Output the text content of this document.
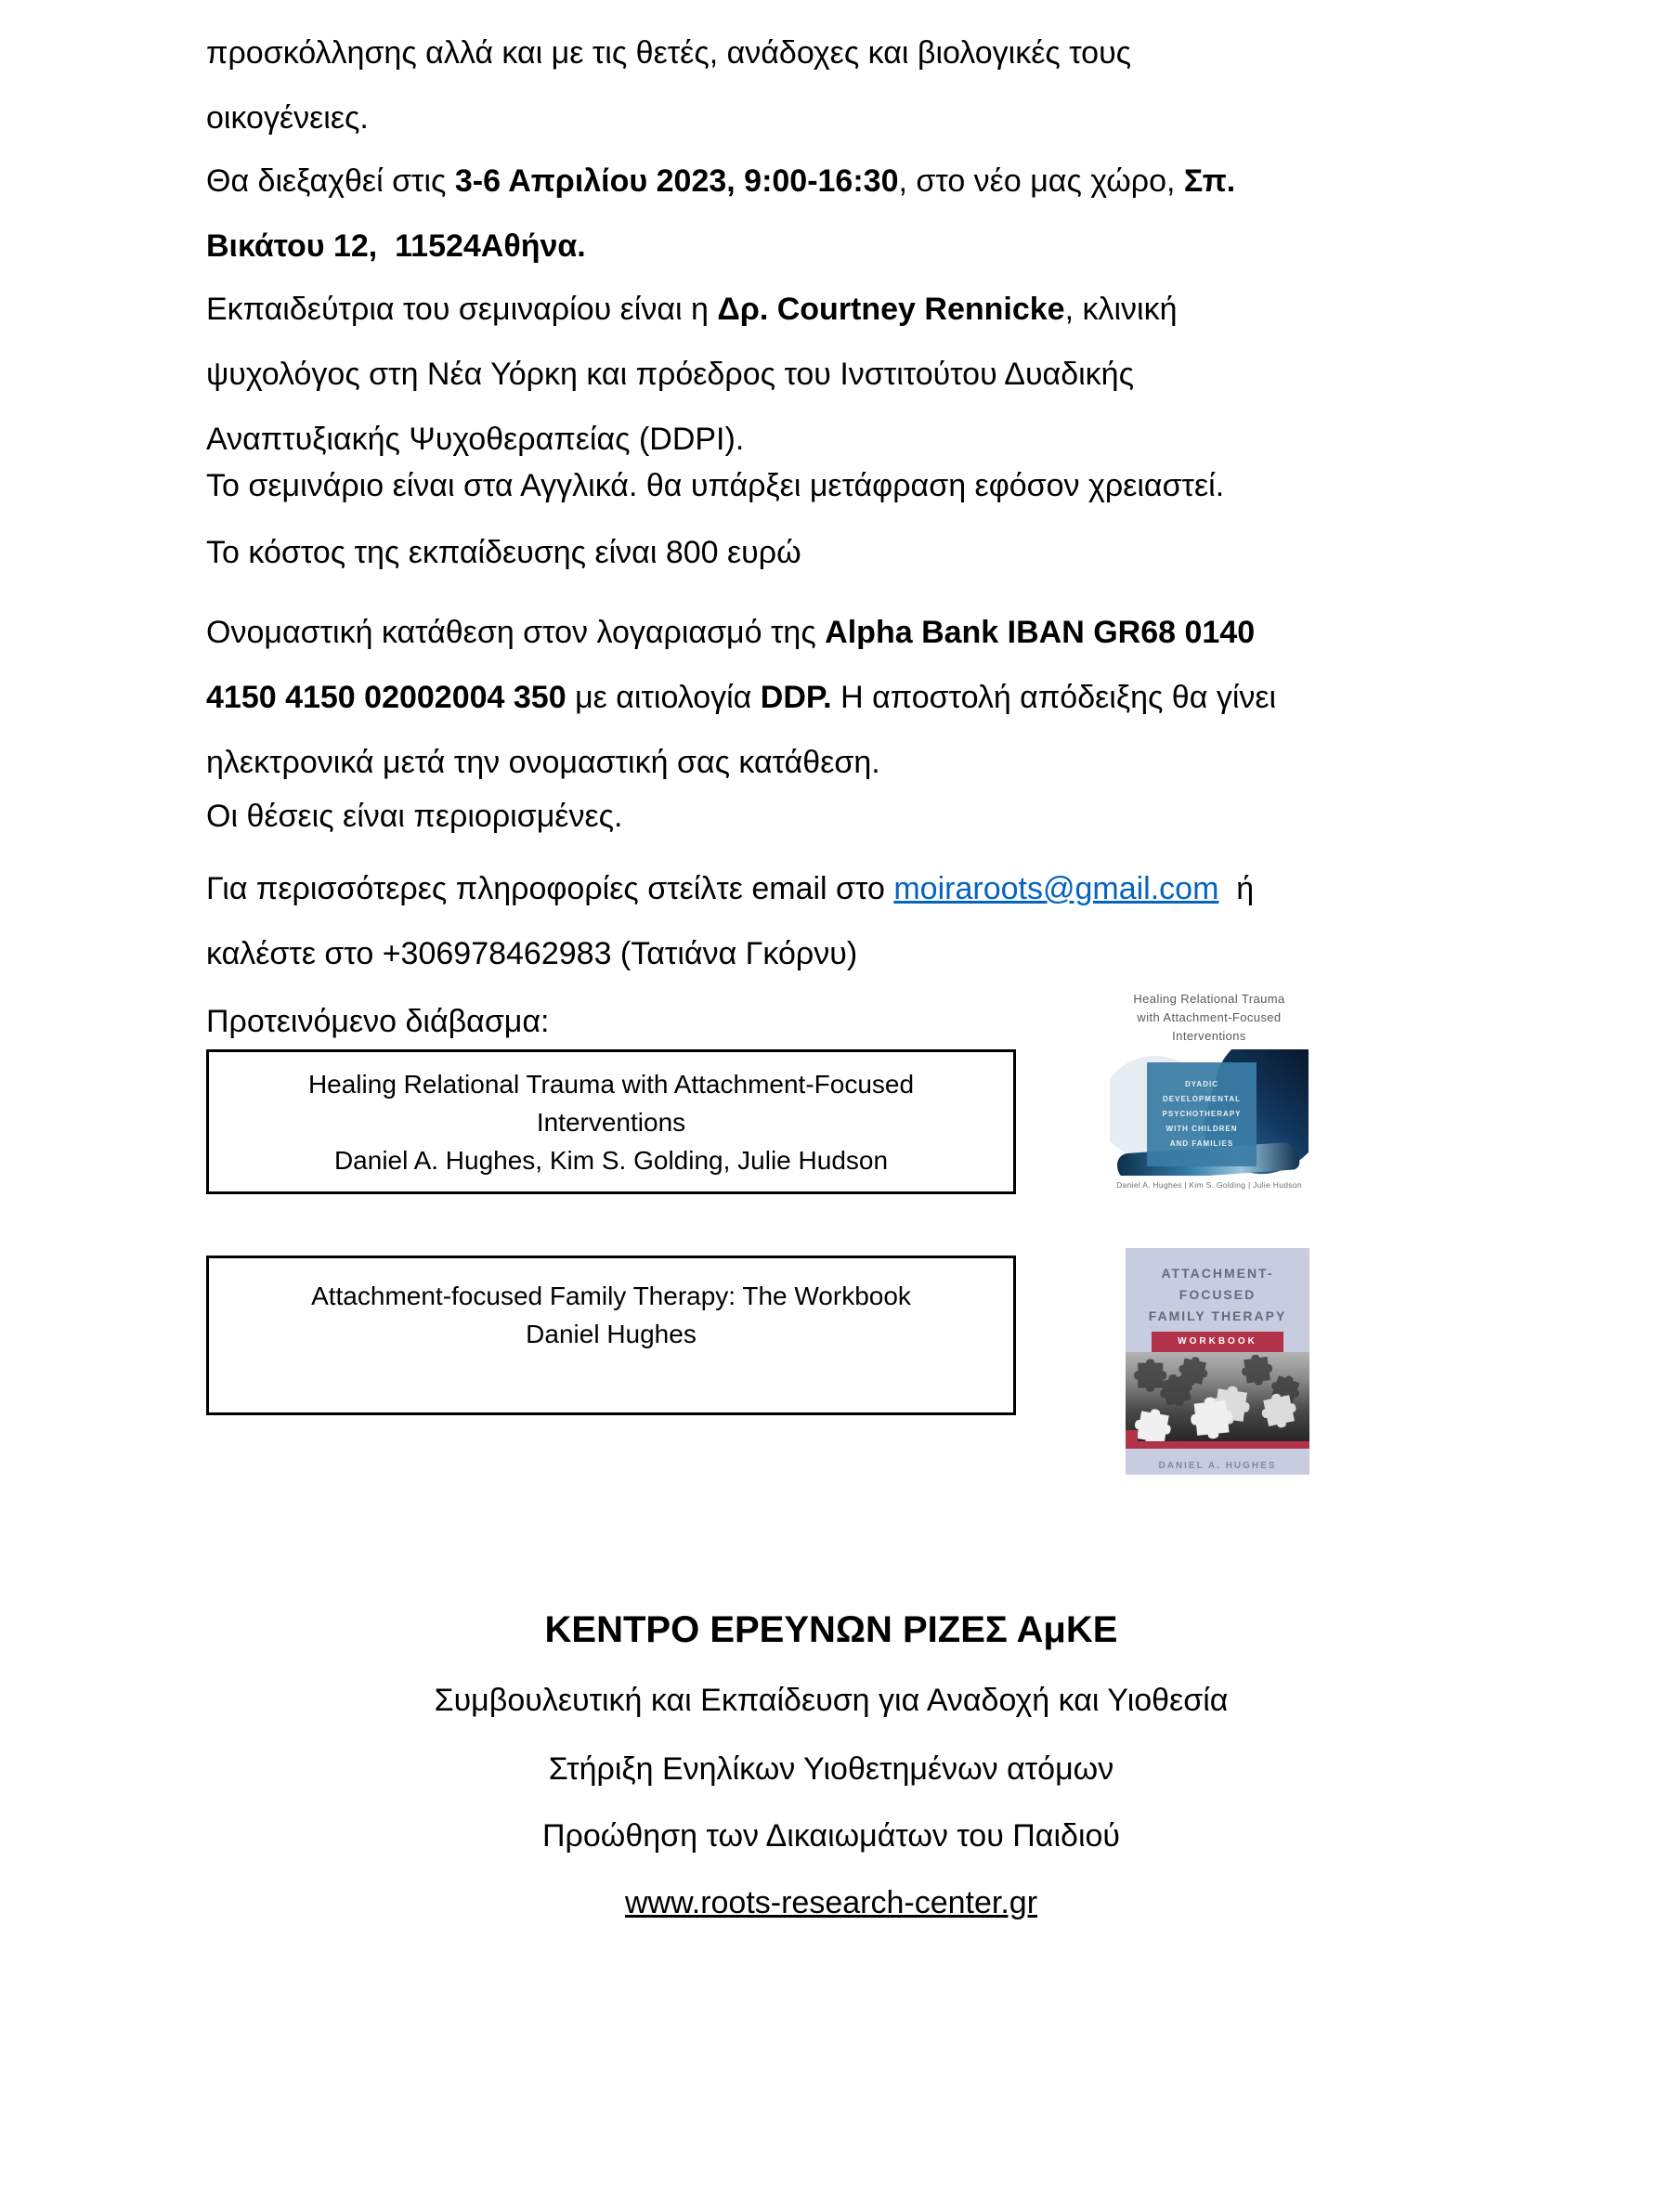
προσκόλλησης αλλά και με τις θετές, ανάδοχες και βιολογικές τους
οικογένειες.
Θα διεξαχθεί στις 3-6 Απριλίου 2023, 9:00-16:30, στο νέο μας χώρο, Σπ.
Βικάτου 12,  11524Αθήνα.
Εκπαιδεύτρια του σεμιναρίου είναι η Δρ. Courtney Rennicke, κλινική
ψυχολόγος στη Νέα Υόρκη και πρόεδρος του Ινστιτούτου Δυαδικής
Αναπτυξιακής Ψυχοθεραπείας (DDPI).
Το σεμινάριο είναι στα Αγγλικά. θα υπάρξει μετάφραση εφόσον χρειαστεί.
Το κόστος της εκπαίδευσης είναι 800 ευρώ
Ονομαστική κατάθεση στον λογαριασμό της Alpha Bank IBAN GR68 0140
4150 4150 02002004 350 με αιτιολογία DDP. Η αποστολή απόδειξης θα γίνει
ηλεκτρονικά μετά την ονομαστική σας κατάθεση.
Οι θέσεις είναι περιορισμένες.
Για περισσότερες πληροφορίες στείλτε email στο moiraroots@gmail.com  ή
καλέστε στο +306978462983 (Τατιάνα Γκόρνυ)
Προτεινόμενο διάβασμα:
Healing Relational Trauma with Attachment-Focused
Interventions
Daniel A. Hughes, Kim S. Golding, Julie Hudson
Attachment-focused Family Therapy: The Workbook
Daniel Hughes
Healing Relational Trauma
with Attachment-Focused
Interventions
DYADIC DEVELOPMENTAL
PSYCHOTHERAPY
WITH CHILDREN
AND FAMILIES
Daniel A. Hughes | Kim S. Golding | Julie Hudson
ATTACHMENT-
FOCUSED
FAMILY THERAPY
WORKBOOK
DANIEL A. HUGHES
ΚΕΝΤΡΟ ΕΡΕΥΝΩΝ ΡΙΖΕΣ ΑμΚΕ
Συμβουλευτική και Εκπαίδευση για Αναδοχή και Υιοθεσία
Στήριξη Ενηλίκων Υιοθετημένων ατόμων
Προώθηση των Δικαιωμάτων του Παιδιού
www.roots-research-center.gr
